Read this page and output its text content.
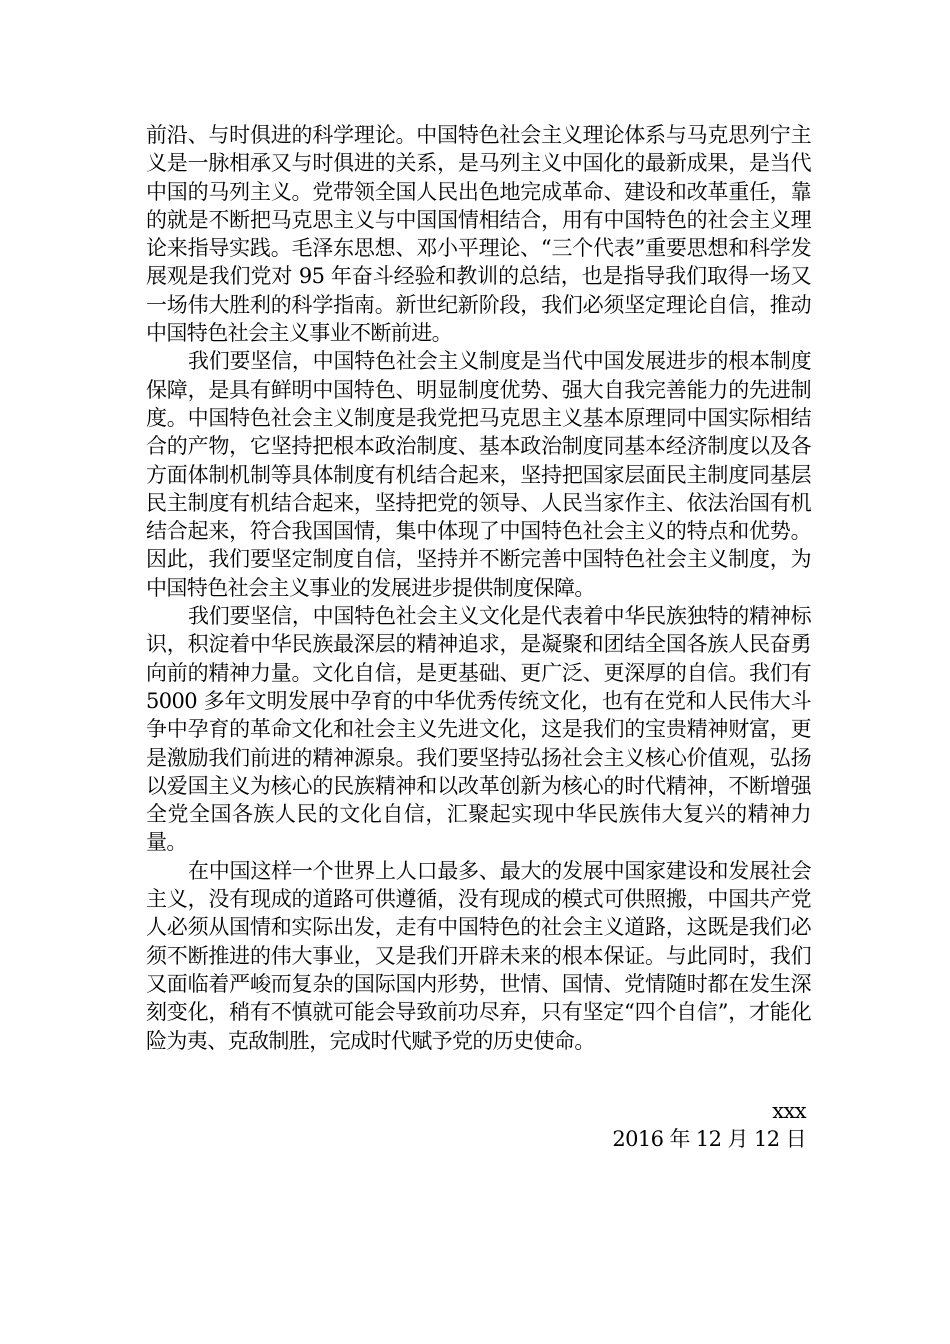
前沿、与时俱进的科学理论。中国特色社会主义理论体系与马克思列宁主义是一脉相承又与时俱进的关系，是马列主义中国化的最新成果，是当代中国的马列主义。党带领全国人民出色地完成革命、建设和改革重任，靠的就是不断把马克思主义与中国国情相结合，用有中国特色的社会主义理论来指导实践。毛泽东思想、邓小平理论、“三个代表”重要思想和科学发展观是我们党对 95 年奋斗经验和教训的总结，也是指导我们取得一场又一场伟大胜利的科学指南。新世纪新阶段，我们必须坚定理论自信，推动中国特色社会主义事业不断前进。

我们要坚信，中国特色社会主义制度是当代中国发展进步的根本制度保障，是具有鲜明中国特色、明显制度优势、强大自我完善能力的先进制度。中国特色社会主义制度是我党把马克思主义基本原理同中国实际相结合的产物，它坚持把根本政治制度、基本政治制度同基本经济制度以及各方面体制机制等具体制度有机结合起来，坚持把国家层面民主制度同基层民主制度有机结合起来，坚持把党的领导、人民当家作主、依法治国有机结合起来，符合我国国情，集中体现了中国特色社会主义的特点和优势。因此，我们要坚定制度自信，坚持并不断完善中国特色社会主义制度，为中国特色社会主义事业的发展进步提供制度保障。

我们要坚信，中国特色社会主义文化是代表着中华民族独特的精神标识，积淀着中华民族最深层的精神追求，是凝聚和团结全国各族人民奋勇向前的精神力量。文化自信，是更基础、更广泛、更深厚的自信。我们有 5000 多年文明发展中孕育的中华优秀传统文化，也有在党和人民伟大斗争中孕育的革命文化和社会主义先进文化，这是我们的宝贵精神财富，更是激励我们前进的精神源泉。我们要坚持弘扬社会主义核心价值观，弘扬以爱国主义为核心的民族精神和以改革创新为核心的时代精神，不断增强全党全国各族人民的文化自信，汇聚起实现中华民族伟大复兴的精神力量。

在中国这样一个世界上人口最多、最大的发展中国家建设和发展社会主义，没有现成的道路可供遵循，没有现成的模式可供照搬，中国共产党人必须从国情和实际出发，走有中国特色的社会主义道路，这既是我们必须不断推进的伟大事业，又是我们开辟未来的根本保证。与此同时，我们又面临着严峻而复杂的国际国内形势，世情、国情、党情随时都在发生深刻变化，稍有不慎就可能会导致前功尽弃，只有坚定“四个自信”，才能化险为夷、克敌制胜，完成时代赋予党的历史使命。

xxx
2016 年 12 月 12 日
